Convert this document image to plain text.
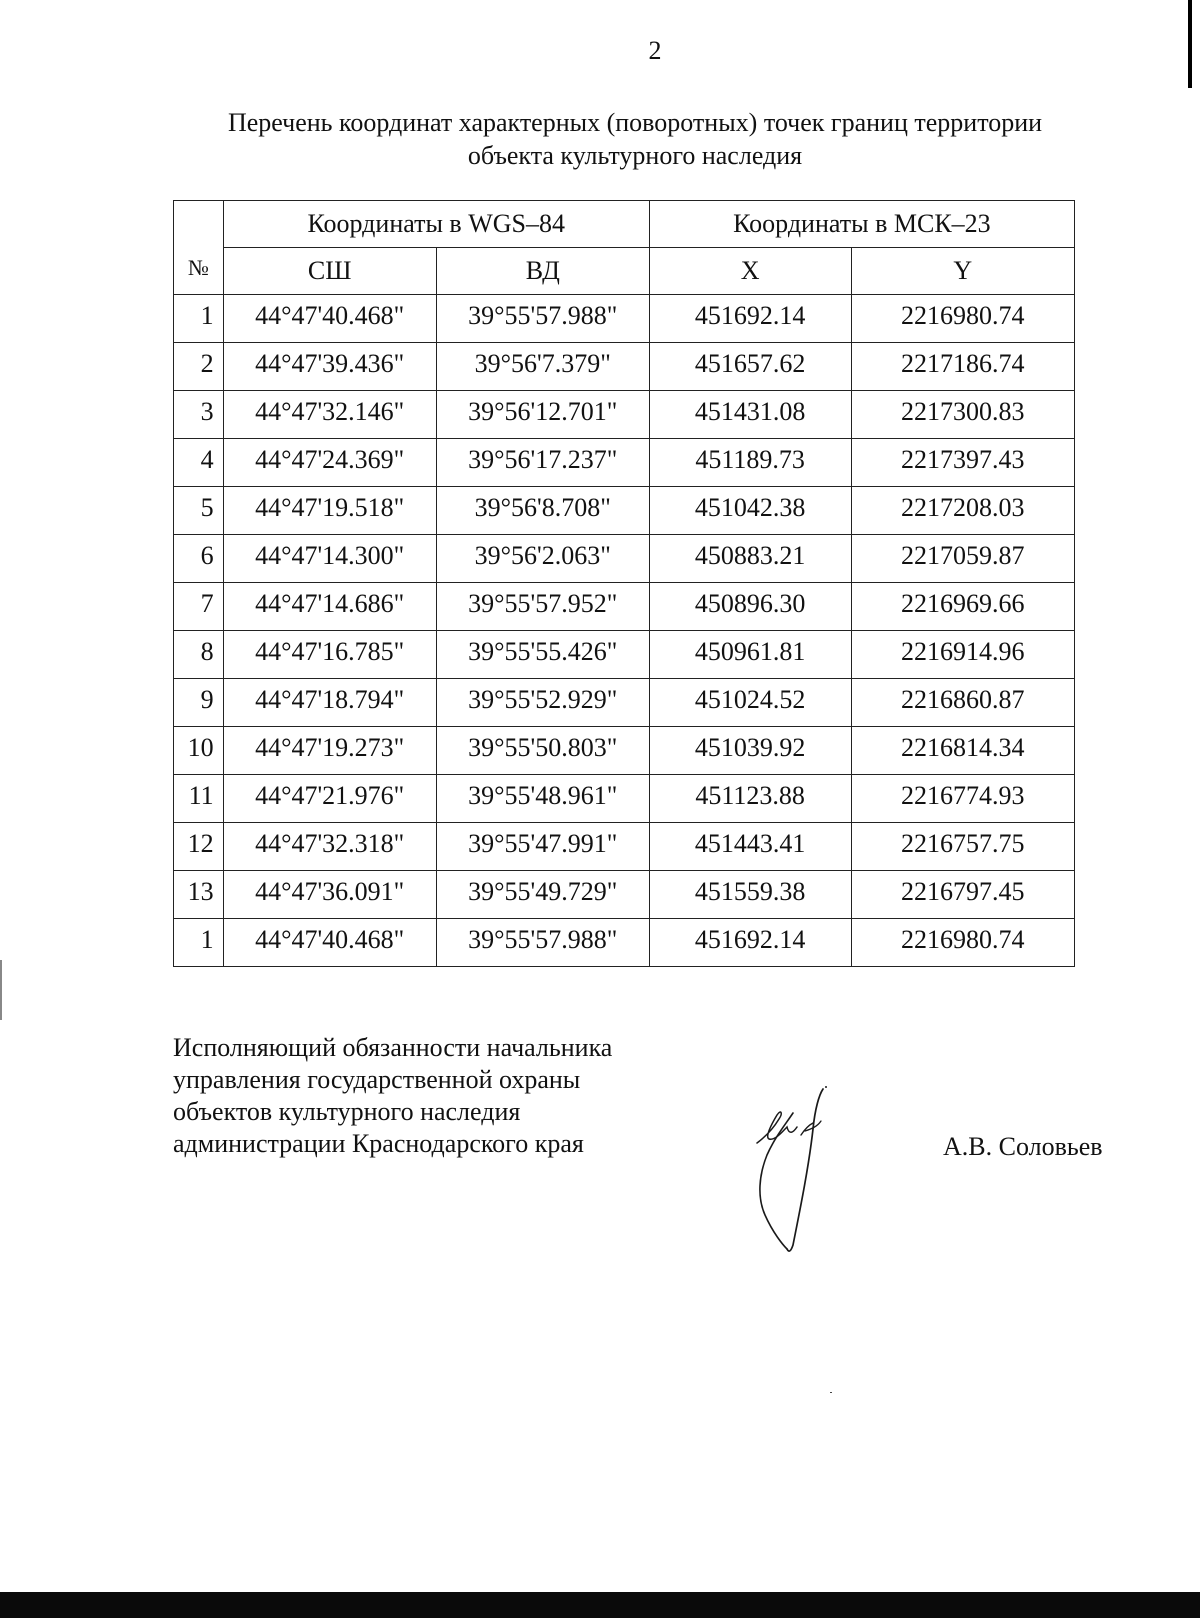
2
Перечень координат характерных (поворотных) точек границ территории
объекта культурного наследия
№	Координаты в WGS–84		Координаты в МСК–23	
	СШ	ВД	X	Y
1	44°47'40.468"	39°55'57.988"	451692.14	2216980.74
2	44°47'39.436"	39°56'7.379"	451657.62	2217186.74
3	44°47'32.146"	39°56'12.701"	451431.08	2217300.83
4	44°47'24.369"	39°56'17.237"	451189.73	2217397.43
5	44°47'19.518"	39°56'8.708"	451042.38	2217208.03
6	44°47'14.300"	39°56'2.063"	450883.21	2217059.87
7	44°47'14.686"	39°55'57.952"	450896.30	2216969.66
8	44°47'16.785"	39°55'55.426"	450961.81	2216914.96
9	44°47'18.794"	39°55'52.929"	451024.52	2216860.87
10	44°47'19.273"	39°55'50.803"	451039.92	2216814.34
11	44°47'21.976"	39°55'48.961"	451123.88	2216774.93
12	44°47'32.318"	39°55'47.991"	451443.41	2216757.75
13	44°47'36.091"	39°55'49.729"	451559.38	2216797.45
1	44°47'40.468"	39°55'57.988"	451692.14	2216980.74
Исполняющий обязанности начальника
управления государственной охраны
объектов культурного наследия
администрации Краснодарского края	А.В. Соловьев
